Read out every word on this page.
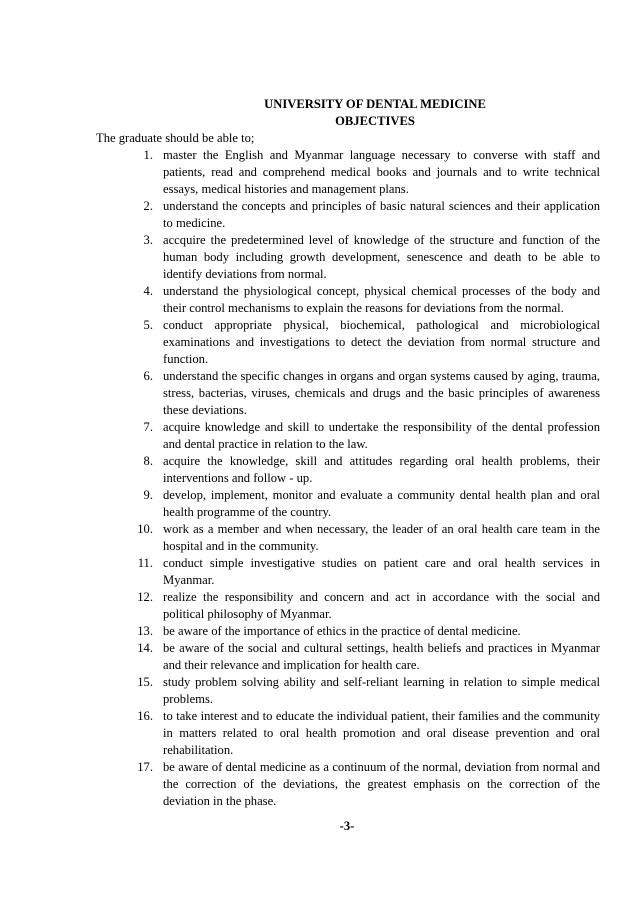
UNIVERSITY OF DENTAL MEDICINE
OBJECTIVES
The graduate should be able to;
1. master the English and Myanmar language necessary to converse with staff and patients, read and comprehend medical books and journals and to write technical essays, medical histories and management plans.
2. understand the concepts and principles of basic natural sciences and their application to medicine.
3. accquire the predetermined level of knowledge of the structure and function of the human body including growth development, senescence and death to be able to identify deviations from normal.
4. understand the physiological concept, physical chemical processes of the body and their control mechanisms to explain the reasons for deviations from the normal.
5. conduct appropriate physical, biochemical, pathological and microbiological examinations and investigations to detect the deviation from normal structure and function.
6. understand the specific changes in organs and organ systems caused by aging, trauma, stress, bacterias, viruses, chemicals and drugs and the basic principles of awareness these deviations.
7. acquire knowledge and skill to undertake the responsibility of the dental profession and dental practice in relation to the law.
8. acquire the knowledge, skill and attitudes regarding oral health problems, their interventions and follow - up.
9. develop, implement, monitor and evaluate a community dental health plan and oral health programme of the country.
10. work as a member and when necessary, the leader of an oral health care team in the hospital and in the community.
11. conduct simple investigative studies on patient care and oral health services in Myanmar.
12. realize the responsibility and concern and act in accordance with the social and political philosophy of Myanmar.
13. be aware of the importance of ethics in the practice of dental medicine.
14. be aware of the social and cultural settings, health beliefs and practices in Myanmar and their relevance and implication for health care.
15. study problem solving ability and self-reliant learning in relation to simple medical problems.
16. to take interest and to educate the individual patient, their families and the community in matters related to oral health promotion and oral disease prevention and oral rehabilitation.
17. be aware of dental medicine as a continuum of the normal, deviation from normal and the correction of the deviations, the greatest emphasis on the correction of the deviation in the phase.
-3-
